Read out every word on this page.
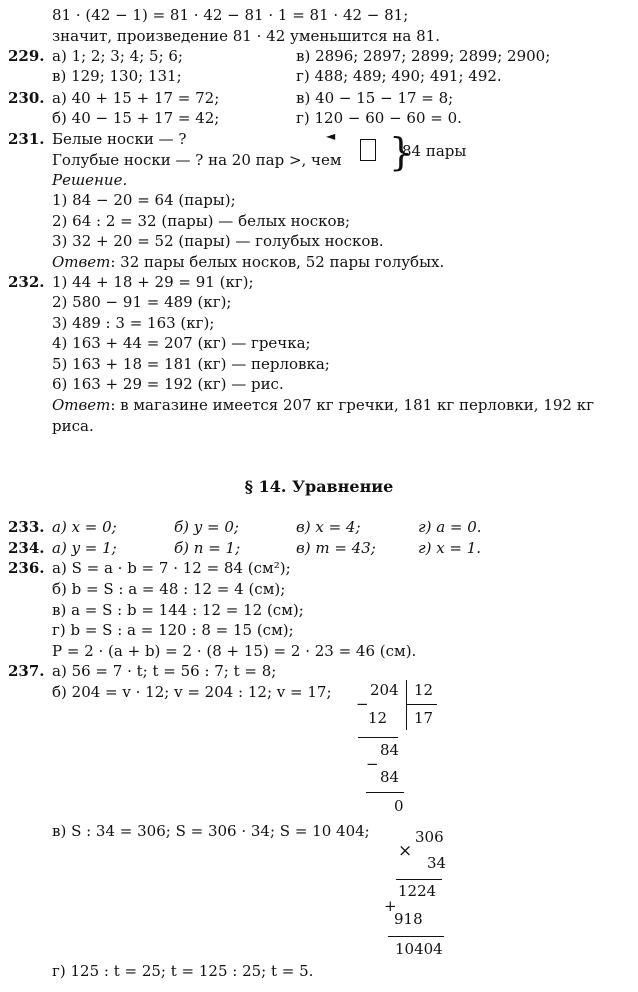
81 · (42 − 1) = 81 · 42 − 81 · 1 = 81 · 42 − 81;
значит, произведение 81 · 42 уменьшится на 81.
229. а) 1; 2; 3; 4; 5; 6;	в) 2896; 2897; 2899; 2899; 2900;
в) 129; 130; 131;	г) 488; 489; 490; 491; 492.
230. а) 40 + 15 + 17 = 72;	в) 40 − 15 − 17 = 8;
б) 40 − 15 + 17 = 42;	г) 120 − 60 − 60 = 0.
231. Белые носки — ?	◄
Голубые носки — ? на 20 пар >, чем }
84 пары
Решение.
1) 84 − 20 = 64 (пары);
2) 64 : 2 = 32 (пары) — белых носков;
3) 32 + 20 = 52 (пары) — голубых носков.
Ответ: 32 пары белых носков, 52 пары голубых.
232. 1) 44 + 18 + 29 = 91 (кг);
2) 580 − 91 = 489 (кг);
3) 489 : 3 = 163 (кг);
4) 163 + 44 = 207 (кг) — гречка;
5) 163 + 18 = 181 (кг) — перловка;
6) 163 + 29 = 192 (кг) — рис.
Ответ: в магазине имеется 207 кг гречки, 181 кг перловки, 192 кг
риса.
§ 14. Уравнение
233. а) x = 0;	б) y = 0;	в) x = 4;	г) a = 0.
234. а) y = 1;	б) n = 1;	в) m = 43;	г) x = 1.
236. а) S = a · b = 7 · 12 = 84 (см²);
б) b = S : a = 48 : 12 = 4 (см);
в) a = S : b = 144 : 12 = 12 (см);
г) b = S : a = 120 : 8 = 15 (см);
P = 2 · (a + b) = 2 · (8 + 15) = 2 · 23 = 46 (см).
237. а) 56 = 7 · t; t = 56 : 7; t = 8;
б) 204 = v · 12; v = 204 : 12; v = 17;	204 12
−
12 17
84
−
84
0
в) S : 34 = 306; S = 306 · 34; S = 10 404;	306
×
34
1224
+
918
10404
г) 125 : t = 25; t = 125 : 25; t = 5.
